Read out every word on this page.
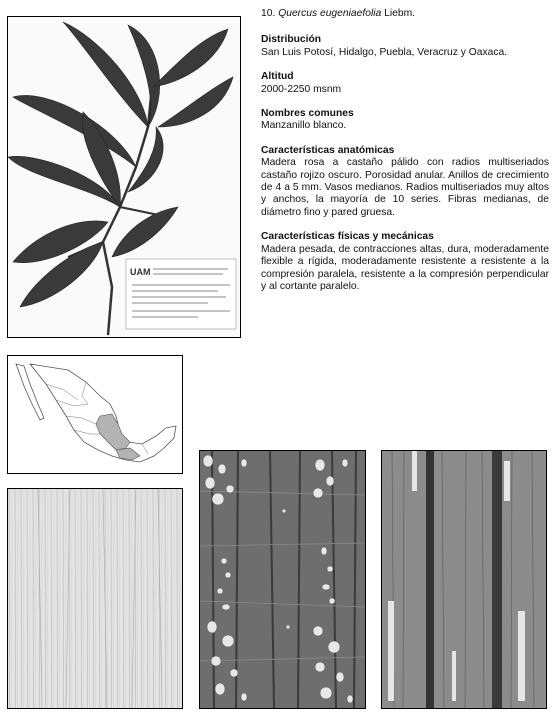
UAM

10. Quercus eugeniaefolia Liebm.

Distribución

San Luis Potosí, Hidalgo, Puebla, Veracruz y Oaxaca.

Altitud

2000-2250 msnm

Nombres comunes

Manzanillo blanco.

Características anatómicas

Madera rosa a castaño pálido con radios multiseriados castaño rojizo oscuro. Porosidad anular. Anillos de crecimiento de 4 a 5 mm. Vasos medianos. Radios multiseriados muy altos y anchos, la mayoría de 10 series. Fibras medianas, de diámetro fino y pared gruesa.

Características físicas y mecánicas

Madera pesada, de contracciones altas, dura, moderadamente flexible a rígida, moderadamente resistente a resistente a la compresión paralela, resistente a la compresión perpendicular y al cortante paralelo.
